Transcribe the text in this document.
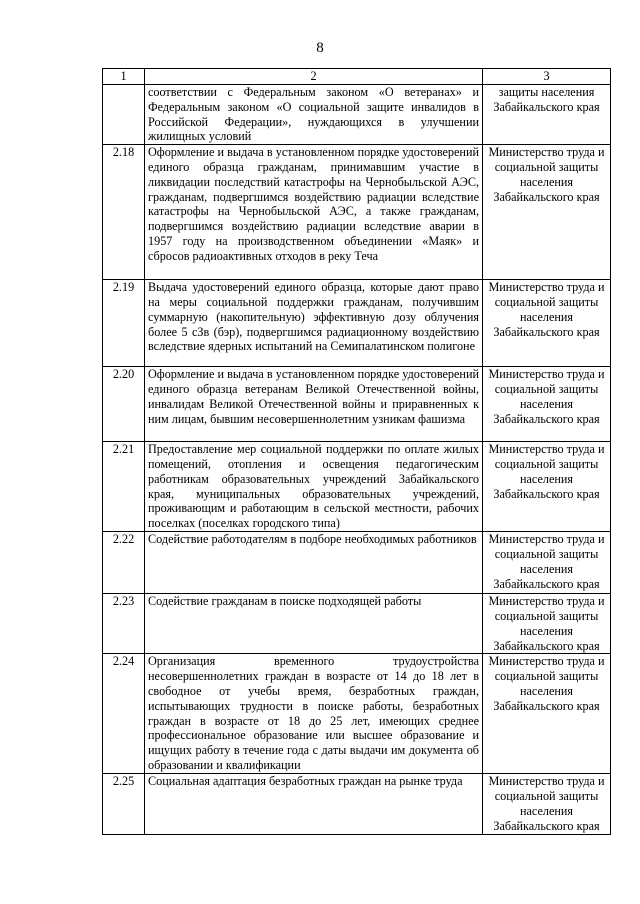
8
1	2	3
	соответствии с Федеральным законом «О ветеранах» и Федеральным законом «О социальной защите инвалидов в Российской Федерации», нуждающихся в улучшении жилищных условий	защиты населения Забайкальского края
2.18	Оформление и выдача в установленном порядке удостоверений единого образца гражданам, принимавшим участие в ликвидации последствий катастрофы на Чернобыльской АЭС, гражданам, подвергшимся воздействию радиации вследствие катастрофы на Чернобыльской АЭС, а также гражданам, подвергшимся воздействию радиации вследствие аварии в 1957 году на производственном объединении «Маяк» и сбросов радиоактивных отходов в реку Теча	Министерство труда и социальной защиты населения Забайкальского края
2.19	Выдача удостоверений единого образца, которые дают право на меры социальной поддержки гражданам, получившим суммарную (накопительную) эффективную дозу облучения более 5 сЗв (бэр), подвергшимся радиационному воздействию вследствие ядерных испытаний на Семипалатинском полигоне	Министерство труда и социальной защиты населения Забайкальского края
2.20	Оформление и выдача в установленном порядке удостоверений единого образца ветеранам Великой Отечественной войны, инвалидам Великой Отечественной войны и приравненных к ним лицам, бывшим несовершеннолетним узникам фашизма	Министерство труда и социальной защиты населения Забайкальского края
2.21	Предоставление мер социальной поддержки по оплате жилых помещений, отопления и освещения педагогическим работникам образовательных учреждений Забайкальского края, муниципальных образовательных учреждений, проживающим и работающим в сельской местности, рабочих поселках (поселках городского типа)	Министерство труда и социальной защиты населения Забайкальского края
2.22	Содействие работодателям в подборе необходимых работников	Министерство труда и социальной защиты населения Забайкальского края
2.23	Содействие гражданам в поиске подходящей работы	Министерство труда и социальной защиты населения Забайкальского края
2.24	Организация временного трудоустройства несовершеннолетних граждан в возрасте от 14 до 18 лет в свободное от учебы время, безработных граждан, испытывающих трудности в поиске работы, безработных граждан в возрасте от 18 до 25 лет, имеющих среднее профессиональное образование или высшее образование и ищущих работу в течение года с даты выдачи им документа об образовании и квалификации	Министерство труда и социальной защиты населения Забайкальского края
2.25	Социальная адаптация безработных граждан на рынке труда	Министерство труда и социальной защиты населения Забайкальского края
